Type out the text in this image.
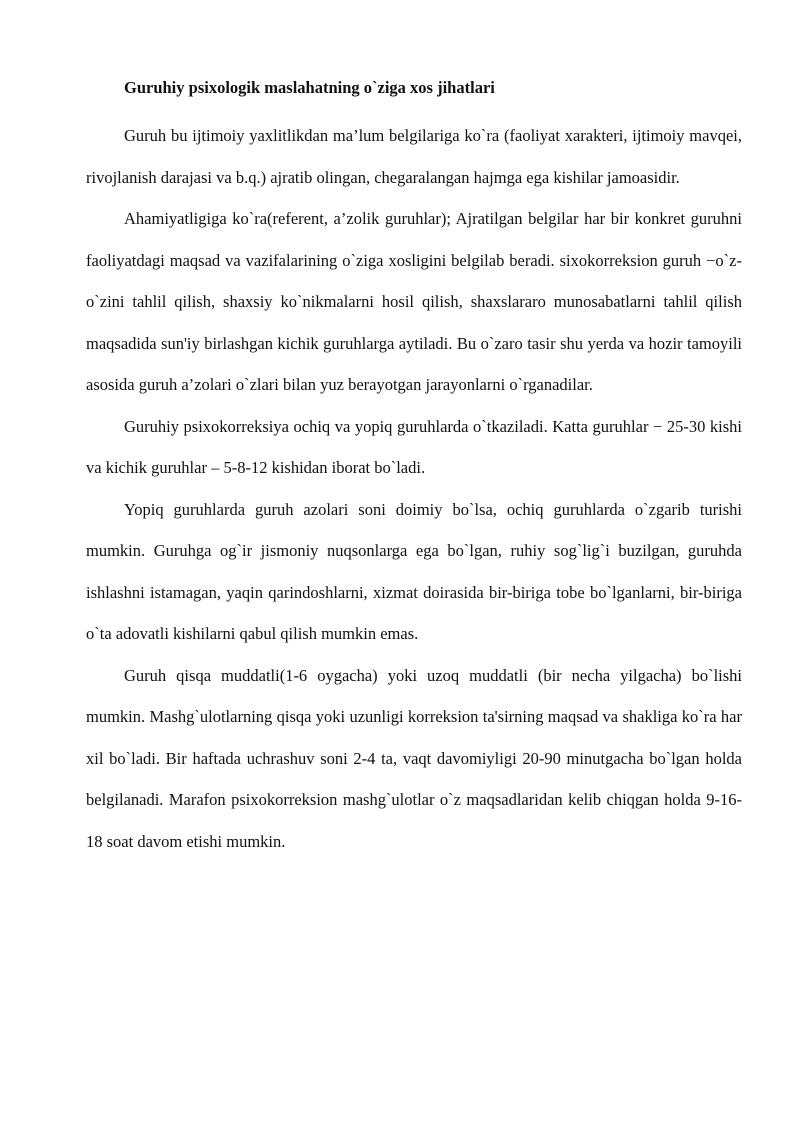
Guruhiy psixologik maslahatning o`ziga xos jihatlari

Guruh bu ijtimoiy yaxlitlikdan ma’lum belgilariga ko`ra (faoliyat xarakteri, ijtimoiy mavqei, rivojlanish darajasi va b.q.) ajratib olingan, chegaralangan hajmga ega kishilar jamoasidir.

Ahamiyatligiga ko`ra(referent, a’zolik guruhlar); Ajratilgan belgilar har bir konkret guruhni faoliyatdagi maqsad va vazifalarining o`ziga xosligini belgilab beradi. sixokorreksion guruh −o`z-o`zini tahlil qilish, shaxsiy ko`nikmalarni hosil qilish, shaxslararo munosabatlarni tahlil qilish maqsadida sun'iy birlashgan kichik guruhlarga aytiladi. Bu o`zaro tasir shu yerda va hozir tamoyili asosida guruh a’zolari o`zlari bilan yuz berayotgan jarayonlarni o`rganadilar.

Guruhiy psixokorreksiya ochiq va yopiq guruhlarda o`tkaziladi. Katta guruhlar − 25-30 kishi va kichik guruhlar – 5-8-12 kishidan iborat bo`ladi.

Yopiq guruhlarda guruh azolari soni doimiy bo`lsa, ochiq guruhlarda o`zgarib turishi mumkin. Guruhga og`ir jismoniy nuqsonlarga ega bo`lgan, ruhiy sog`lig`i buzilgan, guruhda ishlashni istamagan, yaqin qarindoshlarni, xizmat doirasida bir-biriga tobe bo`lganlarni, bir-biriga o`ta adovatli kishilarni qabul qilish mumkin emas.

Guruh qisqa muddatli(1-6 oygacha) yoki uzoq muddatli (bir necha yilgacha) bo`lishi mumkin. Mashg`ulotlarning qisqa yoki uzunligi korreksion ta'sirning maqsad va shakliga ko`ra har xil bo`ladi. Bir haftada uchrashuv soni 2-4 ta, vaqt davomiyligi 20-90 minutgacha bo`lgan holda belgilanadi. Marafon psixokorreksion mashg`ulotlar o`z maqsadlaridan kelib chiqgan holda 9-16-18 soat davom etishi mumkin.
